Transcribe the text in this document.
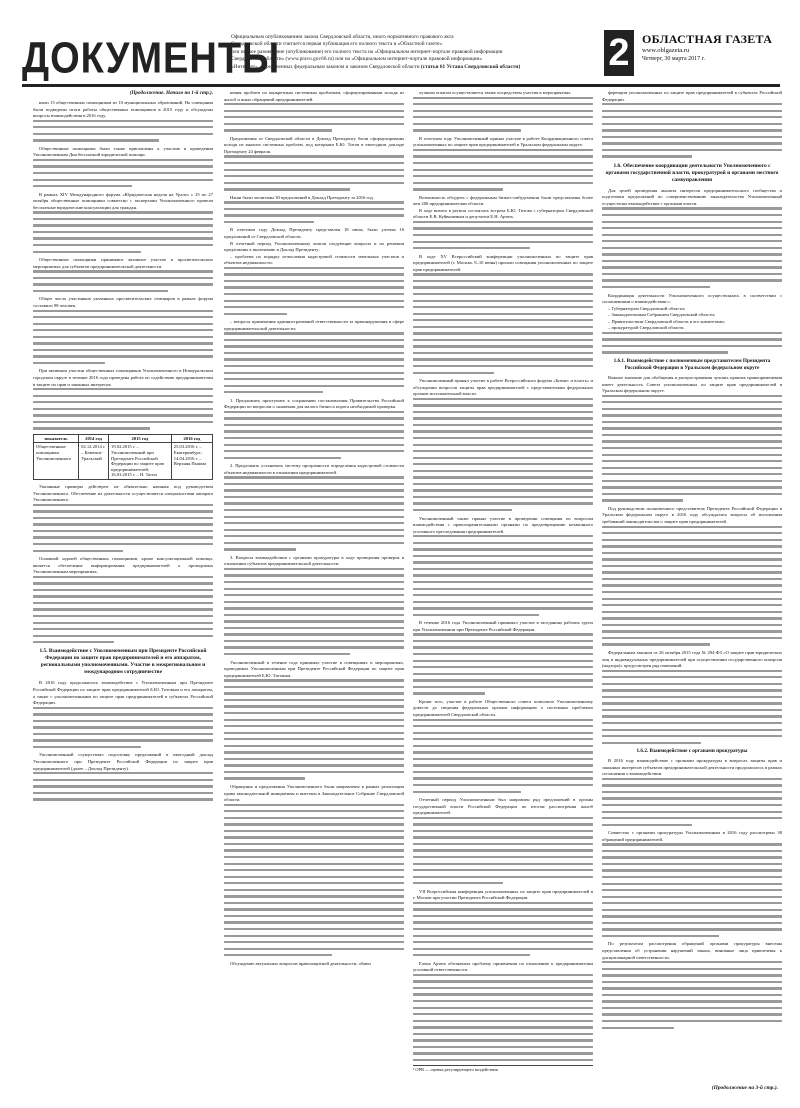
ДОКУМЕНТЫ
Официальным опубликованием закона Свердловской области, иного нормативного правового акта
Свердловской области считается первая публикация его полного текста в «Областной газете»
или первое размещение (опубликование) его полного текста на «Официальном интернет-портале правовой информации
Свердловской области» (www.pravo.gov66.ru) или на «Официальном интернет-портале правовой информации»
«Интернет», определенных федеральным законом и законом Свердловской области (статья 61 Устава Свердловской области)	2	ОБЛАСТНАЯ ГАЗЕТА
www.oblgazeta.ru
Четверг, 30 марта 2017 г.

(Продолжение. Начало на 1-й стр.).

нили 13 общественных помощников из 10 муниципальных образований. На совещании были подведены итоги работы общественных помощников в 2015 году и обсуждены вопросы взаимодействия в 2016 году.

Общественные помощники были также приглашены к участию в проведении Уполномоченным Дня бесплатной юридической помощи.

В рамках XIV Международного форума «Юридическая неделя на Урале» с 25 по 27 октября общественные помощники совместно с экспертами Уполномоченного провели бесплатные юридические консультации для граждан.

Общественные помощники принимают активное участие в просветительских мероприятиях для субъектов предпринимательской деятельности.

Общее число участников указанных просветительских семинаров в рамках форума составило 98 человек.

При активном участии общественных помощников Уполномоченного в Новоуральском городском округе в течение 2016 года проведена работа по содействию предпринимателям в защите их прав и законных интересов.

показатель	2014 год	2015 год	2016 год
Общественные помощники Уполномоченного	02.12.2014 г. – Каменск-Уральский	19.02.2015 г. – Уполномоченный при Президенте Российской Федерации по защите прав предпринимателей; 16.03.2015 г. – Н. Тагил	25.03.2016 г. – Екатеринбург; 14.04.2016 г. – Верхняя Пышма

Указанные примеры действуют не обязательно начиная под руководством Уполномоченного. Обеспечение их деятельности осуществляется специалистами аппарата Уполномоченного.

Основной задачей общественных помощников, кроме консультационной помощи, является обеспечение информирования предпринимателей о проводимых Уполномоченным мероприятиях.

1.5. Взаимодействие с Уполномоченным при Президенте Российской Федерации по защите прав предпринимателей и его аппаратом, региональными уполномоченными. Участие в межрегиональном и международном сотрудничестве

В 2016 году продолжилось взаимодействие с Уполномоченным при Президенте Российской Федерации по защите прав предпринимателей Б.Ю. Титовым и его аппаратом, а также с уполномоченными по защите прав предпринимателей в субъектах Российской Федерации.

Уполномоченный осуществлял подготовку предложений в ежегодный доклад Уполномоченного при Президенте Российской Федерации по защите прав предпринимателей (далее – Доклад Президенту).

нения проблем по конкретным системным проблемам, сформулированным исходя из жалоб и иных обращений предпринимателей.

Предложения от Свердловской области в Доклад Президенту были сформулированы исходя из анализа системных проблем, под которыми Б.Ю. Титов в ежегодном докладе Президенту 24 февраля.

Наши были засчитаны 30 предложений в Доклад Президенту за 2016 год.

В отчетном году Доклад Президенту представлен 18 июля, были учтены 16 предложений от Свердловской области.

В отчетный период Уполномоченному вошли следующие вопросы и их решения предложены к включению в Доклад Президенту:

– проблема по порядку исчисления кадастровой стоимости земельных участков и объектов недвижимости;

– вопросы применения административной ответственности за правонарушения в сфере предпринимательской деятельности;

1. Предложить приступить к сохранению постановления Правительства Российской Федерации по вопросам о снижении для малого бизнеса порога необходимой проверки.

2. Предложить установить систему прозрачности определения кадастровой стоимости объектов недвижимости в отношении предпринимателей.

3. Вопросы взаимодействия с органами прокуратуры в ходе проведения проверок в отношении субъектов предпринимательской деятельности.

Уполномоченный в течение года принимал участие в совещаниях и мероприятиях, проводимых Уполномоченным при Президенте Российской Федерации по защите прав предпринимателей Б.Ю. Титовым.

Обращения и предложения Уполномоченного были направлены в рамках реализации права законодательной инициативы и внесены в Законодательное Собрание Свердловской области.

Обсуждение актуальных вопросов правозащитной деятельности, обмен

лучшим опытом осуществляется также посредством участия в мероприятиях.

В отчетном году Уполномоченный принял участие в работе Координационного совета уполномоченных по защите прав предпринимателей в Уральском федеральном округе.

Возможность обсудить с федеральным бизнес-омбудсменом были представлены более чем 200 предпринимателям области.

В ходе визита в регион состоялась встреча Б.Ю. Титова с губернатором Свердловской области Е.В. Куйвашевым и депутатом Е.Н. Артюх.

В ходе XV Всероссийский конференции уполномоченных по защите прав предпринимателей (г. Москва, 9–10 июня) прошли совещания уполномоченных по защите прав предпринимателей.

Уполномоченный принял участие в работе Всероссийского форума «Бизнес и власть» и обсуждении вопросов защиты прав предпринимателей с представителями федеральных органов исполнительной власти.

Уполномоченный также принял участие в проведении совещания по вопросам взаимодействия с правоохранительными органами по предотвращению незаконного уголовного преследования предпринимателей.

В течение 2016 года Уполномоченный принимал участие в заседаниях рабочих групп при Уполномоченном при Президенте Российской Федерации.

Кроме того, участие в работе Общественного совета позволило Уполномоченному довести до сведения федеральных органов информацию о системных проблемах предпринимателей Свердловской области.

Отчетный период Уполномоченным был направлен ряд предложений в органы государственной власти Российской Федерации по итогам рассмотрения жалоб предпринимателей.

VII Всероссийская конференция уполномоченных по защите прав предпринимателей в г. Москве при участии Президента Российской Федерации.

Елена Артюх обозначила проблему применения по отношению к предпринимателям уголовной ответственности.

¹ ОРВ — оценка регулирующего воздействия

ференции уполномоченных по защите прав предпринимателей в субъектах Российской Федерации.

1.6. Обеспечение координации деятельности Уполномоченного с органами государственной власти, прокуратурой и органами местного самоуправления

Для целей проведения анализа интересов предпринимательского сообщества и подготовки предложений по совершенствованию законодательства Уполномоченный осуществлял взаимодействие с органами власти.

Координация деятельности Уполномоченного осуществлялась в соответствии с соглашениями о взаимодействии с:

– Губернатором Свердловской области;

– Законодательным Собранием Свердловской области;

– Правительством Свердловской области и его комитетами;

– прокуратурой Свердловской области.

1.6.1. Взаимодействие с полномочным представителем Президента Российской Федерации в Уральском федеральном округе

Важное значение для обобщения и распространения лучших практик правоприменения имеет деятельность Совета уполномоченных по защите прав предпринимателей в Уральском федеральном округе.

Под руководством полномочного представителя Президента Российской Федерации в Уральском федеральном округе в 2016 году обсуждались вопросы об исполнении требований законодательства о защите прав предпринимателей.

Федеральным законом от 26 октября 2015 года № 294-ФЗ «О защите прав юридических лиц и индивидуальных предпринимателей при осуществлении государственного контроля (надзора)» предусмотрен ряд изменений.

1.6.2. Взаимодействие с органами прокуратуры

В 2016 году взаимодействие с органами прокуратуры в вопросах защиты прав и законных интересов субъектов предпринимательской деятельности продолжилось в рамках соглашения о взаимодействии.

Совместно с органами прокуратуры Уполномоченным в 2016 году рассмотрено 38 обращений предпринимателей.

По результатам рассмотрения обращений органами прокуратуры внесены представления об устранении нарушений закона, виновные лица привлечены к дисциплинарной ответственности.

(Продолжение на 3-й стр.).
